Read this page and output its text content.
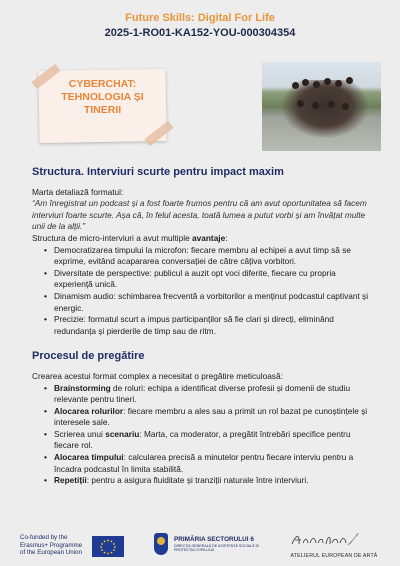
Future Skills: Digital For Life
2025-1-RO01-KA152-YOU-000304354
CYBERCHAT:
TEHNOLOGIA ȘI
TINERII
Structura. Interviuri scurte pentru impact maxim
Marta detaliază formatul:
“Am înregistrat un podcast și a fost foarte frumos pentru că am avut oportunitatea să facem interviuri foarte scurte. Așa că, în felul acesta, toată lumea a putut vorbi și am învățat multe unii de la alții.”
Structura de micro-interviuri a avut multiple avantaje:
• Democratizarea timpului la microfon: fiecare membru al echipei a avut timp să se exprime, evitând acapararea conversației de către câțiva vorbitori.
• Diversitate de perspective: publicul a auzit opt voci diferite, fiecare cu propria experiență unică.
• Dinamism audio: schimbarea frecventă a vorbitorilor a menținut podcastul captivant și energic.
• Precizie: formatul scurt a impus participanților să fie clari și direcți, eliminând redundanța și pierderile de timp sau de ritm.
Procesul de pregătire
Crearea acestui format complex a necesitat o pregătire meticuloasă:
• Brainstorming de roluri: echipa a identificat diverse profesii și domenii de studiu relevante pentru tineri.
• Alocarea rolurilor: fiecare membru a ales sau a primit un rol bazat pe cunoștințele și interesele sale.
• Scrierea unui scenariu: Marta, ca moderator, a pregătit întrebări specifice pentru fiecare rol.
• Alocarea timpului: calcularea precisă a minutelor pentru fiecare interviu pentru a încadra podcastul în limita stabilită.
• Repetiții: pentru a asigura fluiditate și tranziții naturale între interviuri.
Co-funded by the
Erasmus+ Programme
of the European Union
PRIMĂRIA SECTORULUI 6
DIRECȚIA GENERALĂ DE ASISTENȚĂ SOCIALĂ ȘI PROTECȚIA COPILULUI
ATELIERUL EUROPEAN DE ARTĂ
